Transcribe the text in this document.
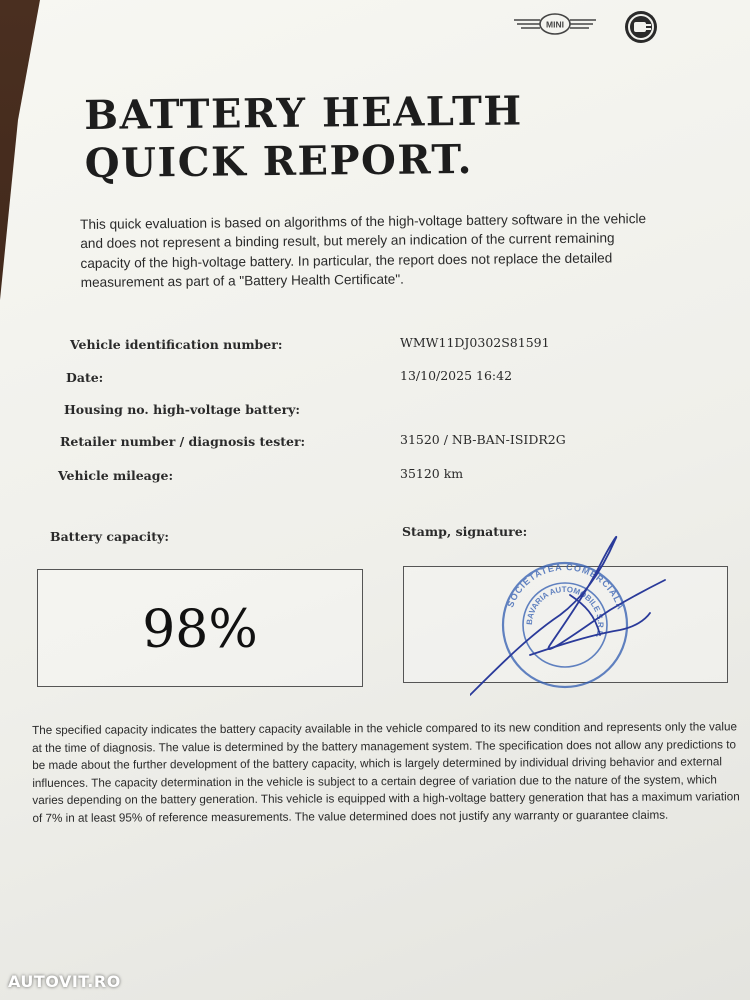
MINI
BATTERY HEALTH
QUICK REPORT.
This quick evaluation is based on algorithms of the high-voltage battery software in the vehicle and does not represent a binding result, but merely an indication of the current remaining capacity of the high-voltage battery. In particular, the report does not replace the detailed measurement as part of a "Battery Health Certificate".
Vehicle identification number:	WMW11DJ0302S81591
Date:	13/10/2025 16:42
Housing no. high-voltage battery:
Retailer number / diagnosis tester:	31520 / NB-BAN-ISIDR2G
Vehicle mileage:	35120 km
Battery capacity:
98%
Stamp, signature:
SOCIETATEA COMERCIALĂ
BAVARIA AUTOMOBILE S.R.L.
The specified capacity indicates the battery capacity available in the vehicle compared to its new condition and represents only the value at the time of diagnosis. The value is determined by the battery management system. The specification does not allow any predictions to be made about the further development of the battery capacity, which is largely determined by individual driving behavior and external influences. The capacity determination in the vehicle is subject to a certain degree of variation due to the nature of the system, which varies depending on the battery generation. This vehicle is equipped with a high-voltage battery generation that has a maximum variation of 7% in at least 95% of reference measurements. The value determined does not justify any warranty or guarantee claims.
AUTOVIT.RO
